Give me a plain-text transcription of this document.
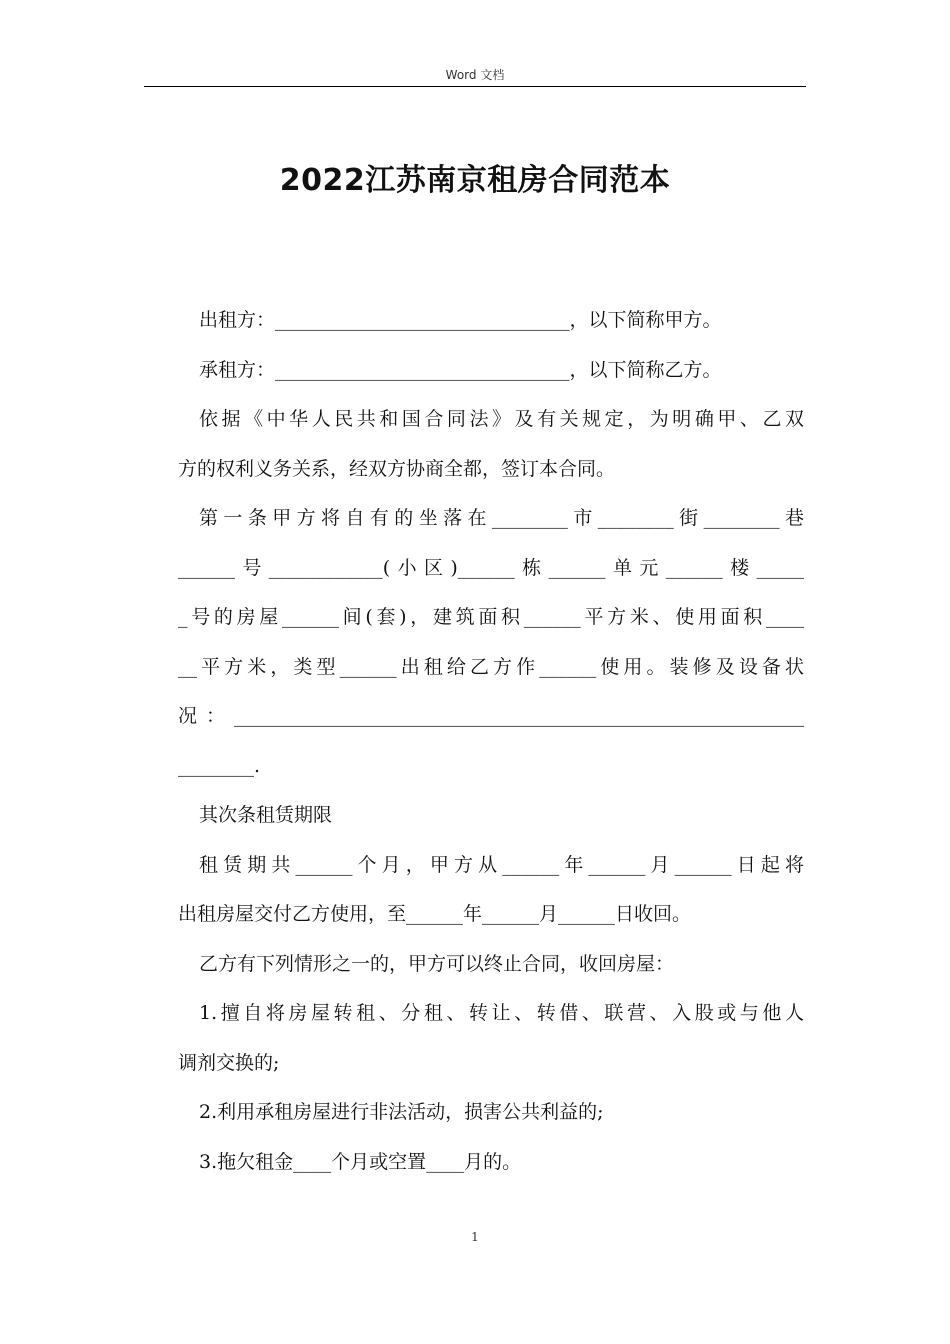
Word 文档
2022江苏南京租房合同范本
出租方：_______________________________，以下简称甲方。
承租方：_______________________________，以下简称乙方。
依据《中华人民共和国合同法》及有关规定，为明确甲、乙双
方的权利义务关系，经双方协商全都，签订本合同。
第一条甲方将自有的坐落在________市________街________巷
______号____________(小区)______栋______单元______楼_____
_号的房屋______间(套)，建筑面积______平方米、使用面积____
__平方米，类型______出租给乙方作______使用。装修及设备状
况：____________________________________________________________
________.
其次条租赁期限
租赁期共______个月，甲方从______年______月______日起将
出租房屋交付乙方使用，至______年______月______日收回。
乙方有下列情形之一的，甲方可以终止合同，收回房屋：
1.擅自将房屋转租、分租、转让、转借、联营、入股或与他人
调剂交换的;
2.利用承租房屋进行非法活动，损害公共利益的;
3.拖欠租金____个月或空置____月的。
1
